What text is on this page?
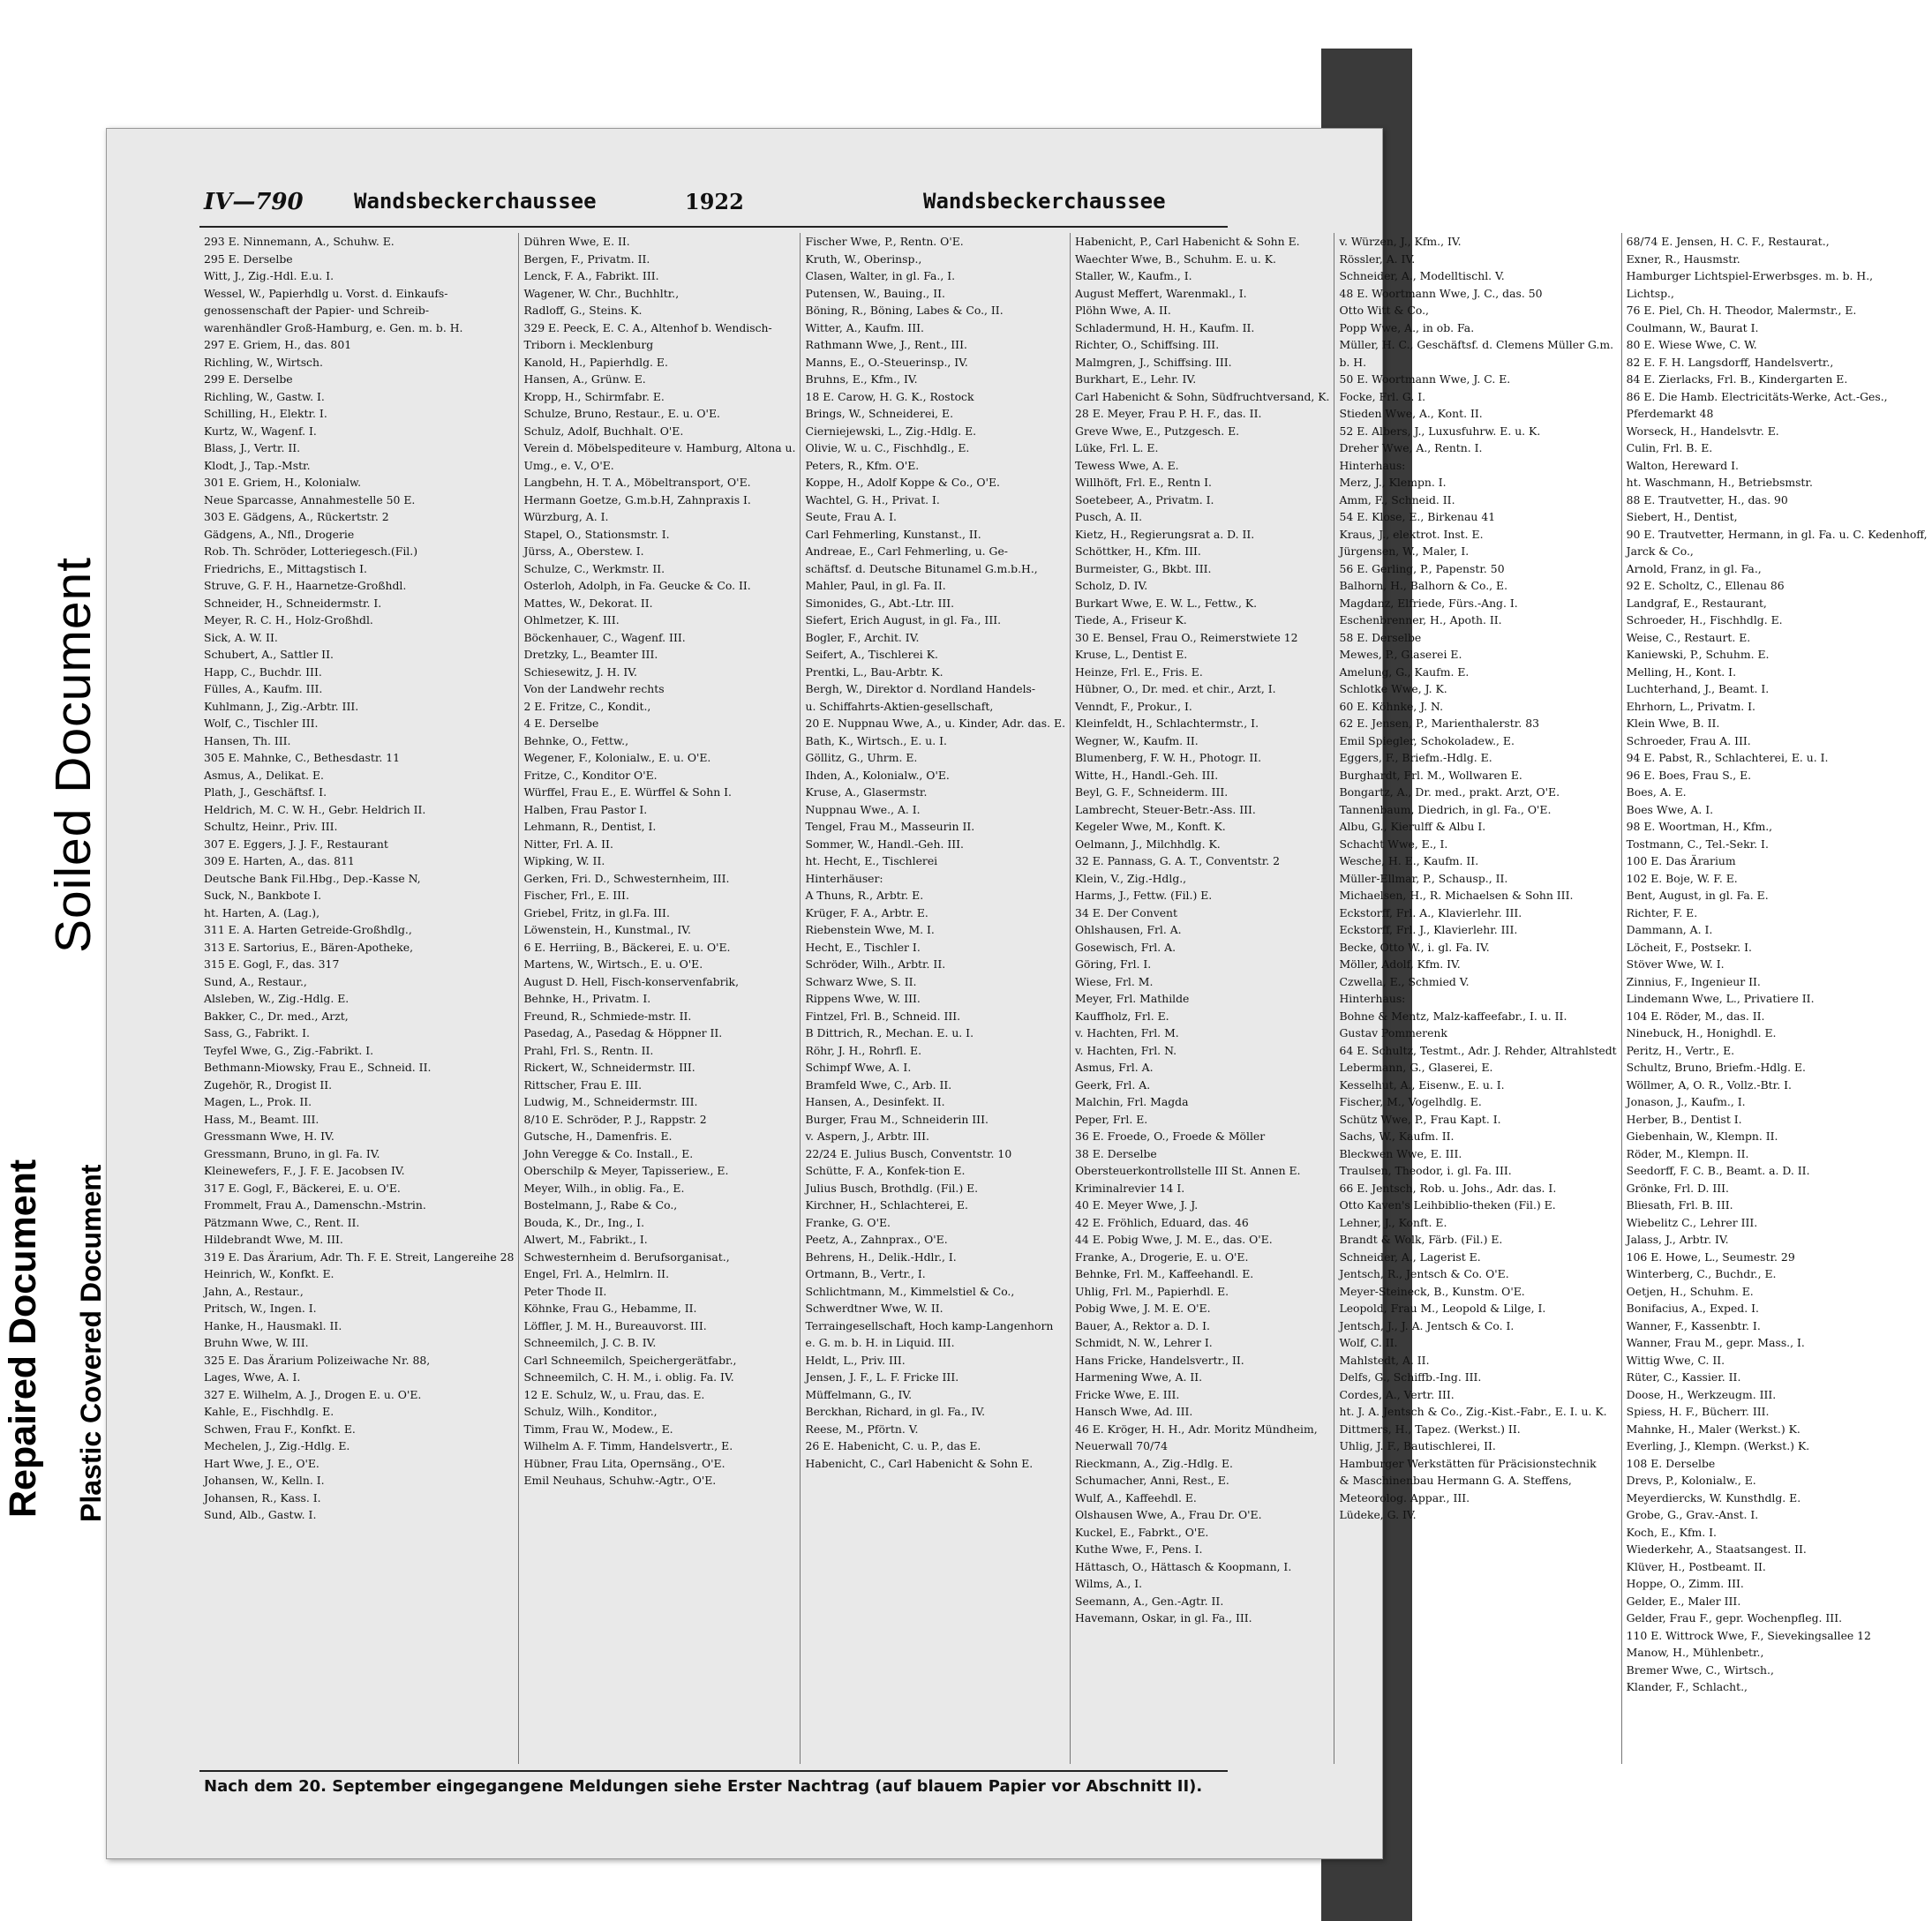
IV—790 Wandsbeckerchaussee	1922	Wandsbeckerchaussee
293 E. Ninnemann, A., Schuhw. E.
295 E. Derselbe
Witt, J., Zig.-Hdl. E.u. I.
Wessel, W., Papierhdlg u. Vorst. d. Einkaufs-
genossenschaft der Papier- und Schreib-
warenhändler Groß-Hamburg, e. Gen. m. b. H.
297 E. Griem, H., das. 801
Richling, W., Wirtsch.
299 E. Derselbe
Richling, W., Gastw. I.
Schilling, H., Elektr. I.
Kurtz, W., Wagenf. I.
Blass, J., Vertr. II.
Klodt, J., Tap.-Mstr.
301 E. Griem, H., Kolonialw.
Neue Sparcasse, Annahmestelle 50 E.
303 E. Gädgens, A., Rückertstr. 2
Gädgens, A., Nfl., Drogerie
Rob. Th. Schröder, Lotteriegesch.(Fil.)
Friedrichs, E., Mittagstisch I.
Struve, G. F. H., Haarnetze-Großhdl.
Schneider, H., Schneidermstr. I.
Meyer, R. C. H., Holz-Großhdl.
Sick, A. W. II.
Schubert, A., Sattler II.
Happ, C., Buchdr. III.
Fülles, A., Kaufm. III.
Kuhlmann, J., Zig.-Arbtr. III.
Wolf, C., Tischler III.
Hansen, Th. III.
305 E. Mahnke, C., Bethesdastr. 11
Asmus, A., Delikat. E.
Plath, J., Geschäftsf. I.
Heldrich, M. C. W. H., Gebr. Heldrich II.
Schultz, Heinr., Priv. III.
307 E. Eggers, J. J. F., Restaurant
309 E. Harten, A., das. 811
Deutsche Bank Fil.Hbg., Dep.-Kasse N,
Suck, N., Bankbote I.
ht. Harten, A. (Lag.),
311 E. A. Harten Getreide-Großhdlg.,
313 E. Sartorius, E., Bären-Apotheke,
315 E. Gogl, F., das. 317
Sund, A., Restaur.,
Alsleben, W., Zig.-Hdlg. E.
Bakker, C., Dr. med., Arzt,
Sass, G., Fabrikt. I.
Teyfel Wwe, G., Zig.-Fabrikt. I.
Bethmann-Miowsky, Frau E., Schneid. II.
Zugehör, R., Drogist II.
Magen, L., Prok. II.
Hass, M., Beamt. III.
Gressmann Wwe, H. IV.
Gressmann, Bruno, in gl. Fa. IV.
Kleinewefers, F., J. F. E. Jacobsen IV.
317 E. Gogl, F., Bäckerei, E. u. O'E.
Frommelt, Frau A., Damenschn.-Mstrin.
Pätzmann Wwe, C., Rent. II.
Hildebrandt Wwe, M. III.
319 E. Das Ärarium, Adr. Th. F. E. Streit, Langereihe 28
Heinrich, W., Konfkt. E.
Jahn, A., Restaur.,
Pritsch, W., Ingen. I.
Hanke, H., Hausmakl. II.
Bruhn Wwe, W. III.
325 E. Das Ärarium Polizeiwache Nr. 88,
Lages, Wwe, A. I.
327 E. Wilhelm, A. J., Drogen E. u. O'E.
Kahle, E., Fischhdlg. E.
Schwen, Frau F., Konfkt. E.
Mechelen, J., Zig.-Hdlg. E.
Hart Wwe, J. E., O'E.
Johansen, W., Kelln. I.
Johansen, R., Kass. I.
Sund, Alb., Gastw. I.
Dühren Wwe, E. II.
Bergen, F., Privatm. II.
Lenck, F. A., Fabrikt. III.
Wagener, W. Chr., Buchhltr.,
Radloff, G., Steins. K.
329 E. Peeck, E. C. A., Altenhof b. Wendisch-
Triborn i. Mecklenburg
Kanold, H., Papierhdlg. E.
Hansen, A., Grünw. E.
Kropp, H., Schirmfabr. E.
Schulze, Bruno, Restaur., E. u. O'E.
Schulz, Adolf, Buchhalt. O'E.
Verein d. Möbelspediteure v. Hamburg, Altona u.
Umg., e. V., O'E.
Langbehn, H. T. A., Möbeltransport, O'E.
Hermann Goetze, G.m.b.H, Zahnpraxis I.
Würzburg, A. I.
Stapel, O., Stationsmstr. I.
Jürss, A., Oberstew. I.
Schulze, C., Werkmstr. II.
Osterloh, Adolph, in Fa. Geucke & Co. II.
Mattes, W., Dekorat. II.
Ohlmetzer, K. III.
Böckenhauer, C., Wagenf. III.
Dretzky, L., Beamter III.
Schiesewitz, J. H. IV.
Von der Landwehr rechts
2 E. Fritze, C., Kondit.,
4 E. Derselbe
Behnke, O., Fettw.,
Wegener, F., Kolonialw., E. u. O'E.
Fritze, C., Konditor O'E.
Würffel, Frau E., E. Würffel & Sohn I.
Halben, Frau Pastor I.
Lehmann, R., Dentist, I.
Nitter, Frl. A. II.
Wipking, W. II.
Gerken, Fri. D., Schwesternheim, III.
Fischer, Frl., E. III.
Griebel, Fritz, in gl.Fa. III.
Löwenstein, H., Kunstmal., IV.
6 E. Herriing, B., Bäckerei, E. u. O'E.
Martens, W., Wirtsch., E. u. O'E.
August D. Hell, Fisch-konservenfabrik,
Behnke, H., Privatm. I.
Freund, R., Schmiede-mstr. II.
Pasedag, A., Pasedag & Höppner II.
Prahl, Frl. S., Rentn. II.
Rickert, W., Schneidermstr. III.
Rittscher, Frau E. III.
Ludwig, M., Schneidermstr. III.
8/10 E. Schröder, P. J., Rappstr. 2
Gutsche, H., Damenfris. E.
John Veregge & Co. Install., E.
Oberschilp & Meyer, Tapisseriew., E.
Meyer, Wilh., in oblig. Fa., E.
Bostelmann, J., Rabe & Co.,
Bouda, K., Dr., Ing., I.
Alwert, M., Fabrikt., I.
Schwesternheim d. Berufsorganisat.,
Engel, Frl. A., Helmlrn. II.
Peter Thode II.
Köhnke, Frau G., Hebamme, II.
Löffler, J. M. H., Bureauvorst. III.
Schneemilch, J. C. B. IV.
Carl Schneemilch, Speichergerätfabr.,
Schneemilch, C. H. M., i. oblig. Fa. IV.
12 E. Schulz, W., u. Frau, das. E.
Schulz, Wilh., Konditor.,
Timm, Frau W., Modew., E.
Wilhelm A. F. Timm, Handelsvertr., E.
Hübner, Frau Lita, Opernsäng., O'E.
Emil Neuhaus, Schuhw.-Agtr., O'E.
Fischer Wwe, P., Rentn. O'E.
Kruth, W., Oberinsp.,
Clasen, Walter, in gl. Fa., I.
Putensen, W., Bauing., II.
Böning, R., Böning, Labes & Co., II.
Witter, A., Kaufm. III.
Rathmann Wwe, J., Rent., III.
Manns, E., O.-Steuerinsp., IV.
Bruhns, E., Kfm., IV.
18 E. Carow, H. G. K., Rostock
Brings, W., Schneiderei, E.
Cierniejewski, L., Zig.-Hdlg. E.
Olivie, W. u. C., Fischhdlg., E.
Peters, R., Kfm. O'E.
Koppe, H., Adolf Koppe & Co., O'E.
Wachtel, G. H., Privat. I.
Seute, Frau A. I.
Carl Fehmerling, Kunstanst., II.
Andreae, E., Carl Fehmerling, u. Ge-
schäftsf. d. Deutsche Bitunamel G.m.b.H.,
Mahler, Paul, in gl. Fa. II.
Simonides, G., Abt.-Ltr. III.
Siefert, Erich August, in gl. Fa., III.
Bogler, F., Archit. IV.
Seifert, A., Tischlerei K.
Prentki, L., Bau-Arbtr. K.
Bergh, W., Direktor d. Nordland Handels-
u. Schiffahrts-Aktien-gesellschaft,
20 E. Nuppnau Wwe, A., u. Kinder, Adr. das. E.
Bath, K., Wirtsch., E. u. I.
Göllitz, G., Uhrm. E.
Ihden, A., Kolonialw., O'E.
Kruse, A., Glasermstr.
Nuppnau Wwe., A. I.
Tengel, Frau M., Masseurin II.
Sommer, W., Handl.-Geh. III.
ht. Hecht, E., Tischlerei
Hinterhäuser:
A Thuns, R., Arbtr. E.
Krüger, F. A., Arbtr. E.
Riebenstein Wwe, M. I.
Hecht, E., Tischler I.
Schröder, Wilh., Arbtr. II.
Schwarz Wwe, S. II.
Rippens Wwe, W. III.
Fintzel, Frl. B., Schneid. III.
B Dittrich, R., Mechan. E. u. I.
Röhr, J. H., Rohrfl. E.
Schimpf Wwe, A. I.
Bramfeld Wwe, C., Arb. II.
Hansen, A., Desinfekt. II.
Burger, Frau M., Schneiderin III.
v. Aspern, J., Arbtr. III.
22/24 E. Julius Busch, Conventstr. 10
Schütte, F. A., Konfek-tion E.
Julius Busch, Brothdlg. (Fil.) E.
Kirchner, H., Schlachterei, E.
Franke, G. O'E.
Peetz, A., Zahnprax., O'E.
Behrens, H., Delik.-Hdlr., I.
Ortmann, B., Vertr., I.
Schlichtmann, M., Kimmelstiel & Co.,
Schwerdtner Wwe, W. II.
Terraingesellschaft, Hoch kamp-Langenhorn
e. G. m. b. H. in Liquid. III.
Heldt, L., Priv. III.
Jensen, J. F., L. F. Fricke III.
Müffelmann, G., IV.
Berckhan, Richard, in gl. Fa., IV.
Reese, M., Pförtn. V.
26 E. Habenicht, C. u. P., das E.
Habenicht, C., Carl Habenicht & Sohn E.
Habenicht, P., Carl Habenicht & Sohn E.
Waechter Wwe, B., Schuhm. E. u. K.
Staller, W., Kaufm., I.
August Meffert, Warenmakl., I.
Plöhn Wwe, A. II.
Schladermund, H. H., Kaufm. II.
Richter, O., Schiffsing. III.
Malmgren, J., Schiffsing. III.
Burkhart, E., Lehr. IV.
Carl Habenicht & Sohn, Südfruchtversand, K.
28 E. Meyer, Frau P. H. F., das. II.
Greve Wwe, E., Putzgesch. E.
Lüke, Frl. L. E.
Tewess Wwe, A. E.
Willhöft, Frl. E., Rentn I.
Soetebeer, A., Privatm. I.
Pusch, A. II.
Kietz, H., Regierungsrat a. D. II.
Schöttker, H., Kfm. III.
Burmeister, G., Bkbt. III.
Scholz, D. IV.
Burkart Wwe, E. W. L., Fettw., K.
Tiede, A., Friseur K.
30 E. Bensel, Frau O., Reimerstwiete 12
Kruse, L., Dentist E.
Heinze, Frl. E., Fris. E.
Hübner, O., Dr. med. et chir., Arzt, I.
Venndt, F., Prokur., I.
Kleinfeldt, H., Schlachtermstr., I.
Wegner, W., Kaufm. II.
Blumenberg, F. W. H., Photogr. II.
Witte, H., Handl.-Geh. III.
Beyl, G. F., Schneiderm. III.
Lambrecht, Steuer-Betr.-Ass. III.
Kegeler Wwe, M., Konft. K.
Oelmann, J., Milchhdlg. K.
32 E. Pannass, G. A. T., Conventstr. 2
Klein, V., Zig.-Hdlg.,
Harms, J., Fettw. (Fil.) E.
34 E. Der Convent
Ohlshausen, Frl. A.
Gosewisch, Frl. A.
Göring, Frl. I.
Wiese, Frl. M.
Meyer, Frl. Mathilde
Kauffholz, Frl. E.
v. Hachten, Frl. M.
v. Hachten, Frl. N.
Asmus, Frl. A.
Geerk, Frl. A.
Malchin, Frl. Magda
Peper, Frl. E.
36 E. Froede, O., Froede & Möller
38 E. Derselbe
Obersteuerkontrollstelle III St. Annen E.
Kriminalrevier 14 I.
40 E. Meyer Wwe, J. J.
42 E. Fröhlich, Eduard, das. 46
44 E. Pobig Wwe, J. M. E., das. O'E.
Franke, A., Drogerie, E. u. O'E.
Behnke, Frl. M., Kaffeehandl. E.
Uhlig, Frl. M., Papierhdl. E.
Pobig Wwe, J. M. E. O'E.
Bauer, A., Rektor a. D. I.
Schmidt, N. W., Lehrer I.
Hans Fricke, Handelsvertr., II.
Harmening Wwe, A. II.
Fricke Wwe, E. III.
Hansch Wwe, Ad. III.
46 E. Kröger, H. H., Adr. Moritz Mündheim,
Neuerwall 70/74
Rieckmann, A., Zig.-Hdlg. E.
Schumacher, Anni, Rest., E.
Wulf, A., Kaffeehdl. E.
Olshausen Wwe, A., Frau Dr. O'E.
Kuckel, E., Fabrkt., O'E.
Kuthe Wwe, F., Pens. I.
Hättasch, O., Hättasch & Koopmann, I.
Wilms, A., I.
Seemann, A., Gen.-Agtr. II.
Havemann, Oskar, in gl. Fa., III.
v. Würzen, J., Kfm., IV.
Rössler, A. IV.
Schneider, A., Modelltischl. V.
48 E. Woortmann Wwe, J. C., das. 50
Otto Witt & Co.,
Popp Wwe, A., in ob. Fa.
Müller, H. C., Geschäftsf. d. Clemens Müller G.m.
b. H.
50 E. Woortmann Wwe, J. C. E.
Focke, Frl. G. I.
Stieden Wwe, A., Kont. II.
52 E. Albers, J., Luxusfuhrw. E. u. K.
Dreher Wwe, A., Rentn. I.
Hinterhaus:
Merz, J., Klempn. I.
Amm, F., Schneid. II.
54 E. Klose, E., Birkenau 41
Kraus, J., elektrot. Inst. E.
Jürgensen, W., Maler, I.
56 E. Gerling, P., Papenstr. 50
Balhorn, H., Balhorn & Co., E.
Magdanz, Elfriede, Fürs.-Ang. I.
Eschenbrenner, H., Apoth. II.
58 E. Derselbe
Mewes, P., Glaserei E.
Amelung, G., Kaufm. E.
Schlotke Wwe, J. K.
60 E. Köhnke, J. N.
62 E. Jensen, P., Marienthalerstr. 83
Emil Spiegler, Schokoladew., E.
Eggers, F., Briefm.-Hdlg. E.
Burghardt, Frl. M., Wollwaren E.
Bongartz, A., Dr. med., prakt. Arzt, O'E.
Tannenbaum, Diedrich, in gl. Fa., O'E.
Albu, G., Kierulff & Albu I.
Schacht Wwe, E., I.
Wesche, H. E., Kaufm. II.
Müller-Ellmar, P., Schausp., II.
Michaelsen, H., R. Michaelsen & Sohn III.
Eckstorff, Frl. A., Klavierlehr. III.
Eckstorff, Frl. J., Klavierlehr. III.
Becke, Otto W., i. gl. Fa. IV.
Möller, Adolf, Kfm. IV.
Czwella, E., Schmied V.
Hinterhaus:
Bohne & Mentz, Malz-kaffeefabr., I. u. II.
Gustav Pommerenk
64 E. Schultz, Testmt., Adr. J. Rehder, Altrahlstedt
Lebermann, G., Glaserei, E.
Kesselhut, A., Eisenw., E. u. I.
Fischer, M., Vogelhdlg. E.
Schütz Wwe, P., Frau Kapt. I.
Sachs, W., Kaufm. II.
Bleckwen Wwe, E. III.
Traulsen, Theodor, i. gl. Fa. III.
66 E. Jentsch, Rob. u. Johs., Adr. das. I.
Otto Kaven's Leihbiblio-theken (Fil.) E.
Lehner, J., Konft. E.
Brandt & Wolk, Färb. (Fil.) E.
Schneider, A., Lagerist E.
Jentsch, R., Jentsch & Co. O'E.
Meyer-Steineck, B., Kunstm. O'E.
Leopold, Frau M., Leopold & Lilge, I.
Jentsch, J., J. A. Jentsch & Co. I.
Wolf, C. II.
Mahlstedt, A. II.
Delfs, G., Schiffb.-Ing. III.
Cordes, A., Vertr. III.
ht. J. A. Jentsch & Co., Zig.-Kist.-Fabr., E. I. u. K.
Dittmers, H., Tapez. (Werkst.) II.
Uhlig, J. F., Bautischlerei, II.
Hamburger Werkstätten für Präcisionstechnik
& Maschinenbau Hermann G. A. Steffens,
Meteorolog. Appar., III.
Lüdeke, G. IV.
68/74 E. Jensen, H. C. F., Restaurat.,
Exner, R., Hausmstr.
Hamburger Lichtspiel-Erwerbsges. m. b. H.,
Lichtsp.,
76 E. Piel, Ch. H. Theodor, Malermstr., E.
Coulmann, W., Baurat I.
80 E. Wiese Wwe, C. W.
82 E. F. H. Langsdorff, Handelsvertr.,
84 E. Zierlacks, Frl. B., Kindergarten E.
86 E. Die Hamb. Electricitäts-Werke, Act.-Ges.,
Pferdemarkt 48
Worseck, H., Handelsvtr. E.
Culin, Frl. B. E.
Walton, Hereward I.
ht. Waschmann, H., Betriebsmstr.
88 E. Trautvetter, H., das. 90
Siebert, H., Dentist,
90 E. Trautvetter, Hermann, in gl. Fa. u. C. Kedenhoff,
Jarck & Co.,
Arnold, Franz, in gl. Fa.,
92 E. Scholtz, C., Ellenau 86
Landgraf, E., Restaurant,
Schroeder, H., Fischhdlg. E.
Weise, C., Restaurt. E.
Kaniewski, P., Schuhm. E.
Melling, H., Kont. I.
Luchterhand, J., Beamt. I.
Ehrhorn, L., Privatm. I.
Klein Wwe, B. II.
Schroeder, Frau A. III.
94 E. Pabst, R., Schlachterei, E. u. I.
96 E. Boes, Frau S., E.
Boes, A. E.
Boes Wwe, A. I.
98 E. Woortman, H., Kfm.,
Tostmann, C., Tel.-Sekr. I.
100 E. Das Ärarium
102 E. Boje, W. F. E.
Bent, August, in gl. Fa. E.
Richter, F. E.
Dammann, A. I.
Löcheit, F., Postsekr. I.
Stöver Wwe, W. I.
Zinnius, F., Ingenieur II.
Lindemann Wwe, L., Privatiere II.
104 E. Röder, M., das. II.
Ninebuck, H., Honighdl. E.
Peritz, H., Vertr., E.
Schultz, Bruno, Briefm.-Hdlg. E.
Wöllmer, A, O. R., Vollz.-Btr. I.
Jonason, J., Kaufm., I.
Herber, B., Dentist I.
Giebenhain, W., Klempn. II.
Röder, M., Klempn. II.
Seedorff, F. C. B., Beamt. a. D. II.
Grönke, Frl. D. III.
Bliesath, Frl. B. III.
Wiebelitz C., Lehrer III.
Jalass, J., Arbtr. IV.
106 E. Howe, L., Seumestr. 29
Winterberg, C., Buchdr., E.
Oetjen, H., Schuhm. E.
Bonifacius, A., Exped. I.
Wanner, F., Kassenbtr. I.
Wanner, Frau M., gepr. Mass., I.
Wittig Wwe, C. II.
Rüter, C., Kassier. II.
Doose, H., Werkzeugm. III.
Spiess, H. F., Bücherr. III.
Mahnke, H., Maler (Werkst.) K.
Everling, J., Klempn. (Werkst.) K.
108 E. Derselbe
Drevs, P., Kolonialw., E.
Meyerdiercks, W. Kunsthdlg. E.
Grobe, G., Grav.-Anst. I.
Koch, E., Kfm. I.
Wiederkehr, A., Staatsangest. II.
Klüver, H., Postbeamt. II.
Hoppe, O., Zimm. III.
Gelder, E., Maler III.
Gelder, Frau F., gepr. Wochenpfleg. III.
110 E. Wittrock Wwe, F., Sievekingsallee 12
Manow, H., Mühlenbetr.,
Bremer Wwe, C., Wirtsch.,
Klander, F., Schlacht.,
Nach dem 20. September eingegangene Meldungen siehe Erster Nachtrag (auf blauem Papier vor Abschnitt II).
Soiled Document
Repaired Document Plastic Covered Document
